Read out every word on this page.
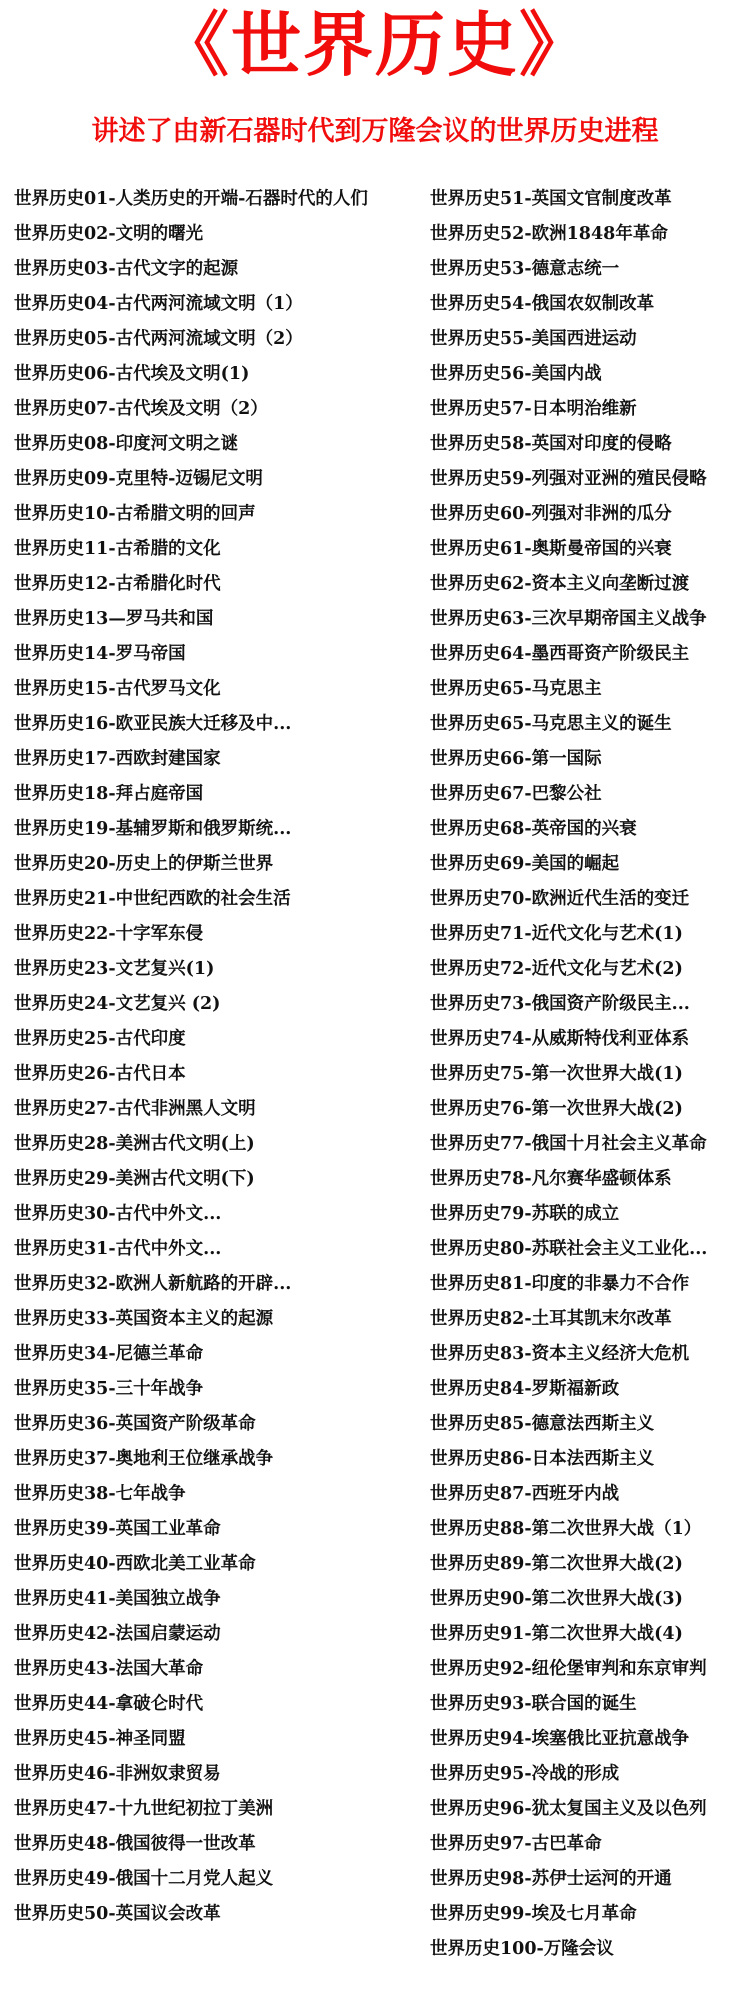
《世界历史》
讲述了由新石器时代到万隆会议的世界历史进程
世界历史01-人类历史的开端-石器时代的人们
世界历史02-文明的曙光
世界历史03-古代文字的起源
世界历史04-古代两河流域文明（1）
世界历史05-古代两河流域文明（2）
世界历史06-古代埃及文明(1)
世界历史07-古代埃及文明（2）
世界历史08-印度河文明之谜
世界历史09-克里特-迈锡尼文明
世界历史10-古希腊文明的回声
世界历史11-古希腊的文化
世界历史12-古希腊化时代
世界历史13—罗马共和国
世界历史14-罗马帝国
世界历史15-古代罗马文化
世界历史16-欧亚民族大迁移及中...
世界历史17-西欧封建国家
世界历史18-拜占庭帝国
世界历史19-基辅罗斯和俄罗斯统...
世界历史20-历史上的伊斯兰世界
世界历史21-中世纪西欧的社会生活
世界历史22-十字军东侵
世界历史23-文艺复兴(1)
世界历史24-文艺复兴 (2)
世界历史25-古代印度
世界历史26-古代日本
世界历史27-古代非洲黑人文明
世界历史28-美洲古代文明(上)
世界历史29-美洲古代文明(下)
世界历史30-古代中外文...
世界历史31-古代中外文...
世界历史32-欧洲人新航路的开辟...
世界历史33-英国资本主义的起源
世界历史34-尼德兰革命
世界历史35-三十年战争
世界历史36-英国资产阶级革命
世界历史37-奥地利王位继承战争
世界历史38-七年战争
世界历史39-英国工业革命
世界历史40-西欧北美工业革命
世界历史41-美国独立战争
世界历史42-法国启蒙运动
世界历史43-法国大革命
世界历史44-拿破仑时代
世界历史45-神圣同盟
世界历史46-非洲奴隶贸易
世界历史47-十九世纪初拉丁美洲
世界历史48-俄国彼得一世改革
世界历史49-俄国十二月党人起义
世界历史50-英国议会改革
世界历史51-英国文官制度改革
世界历史52-欧洲1848年革命
世界历史53-德意志统一
世界历史54-俄国农奴制改革
世界历史55-美国西进运动
世界历史56-美国内战
世界历史57-日本明治维新
世界历史58-英国对印度的侵略
世界历史59-列强对亚洲的殖民侵略
世界历史60-列强对非洲的瓜分
世界历史61-奥斯曼帝国的兴衰
世界历史62-资本主义向垄断过渡
世界历史63-三次早期帝国主义战争
世界历史64-墨西哥资产阶级民主
世界历史65-马克思主
世界历史65-马克思主义的诞生
世界历史66-第一国际
世界历史67-巴黎公社
世界历史68-英帝国的兴衰
世界历史69-美国的崛起
世界历史70-欧洲近代生活的变迁
世界历史71-近代文化与艺术(1)
世界历史72-近代文化与艺术(2)
世界历史73-俄国资产阶级民主...
世界历史74-从威斯特伐利亚体系
世界历史75-第一次世界大战(1)
世界历史76-第一次世界大战(2)
世界历史77-俄国十月社会主义革命
世界历史78-凡尔赛华盛顿体系
世界历史79-苏联的成立
世界历史80-苏联社会主义工业化...
世界历史81-印度的非暴力不合作
世界历史82-土耳其凯末尔改革
世界历史83-资本主义经济大危机
世界历史84-罗斯福新政
世界历史85-德意法西斯主义
世界历史86-日本法西斯主义
世界历史87-西班牙内战
世界历史88-第二次世界大战（1）
世界历史89-第二次世界大战(2)
世界历史90-第二次世界大战(3)
世界历史91-第二次世界大战(4)
世界历史92-纽伦堡审判和东京审判
世界历史93-联合国的诞生
世界历史94-埃塞俄比亚抗意战争
世界历史95-冷战的形成
世界历史96-犹太复国主义及以色列
世界历史97-古巴革命
世界历史98-苏伊士运河的开通
世界历史99-埃及七月革命
世界历史100-万隆会议
